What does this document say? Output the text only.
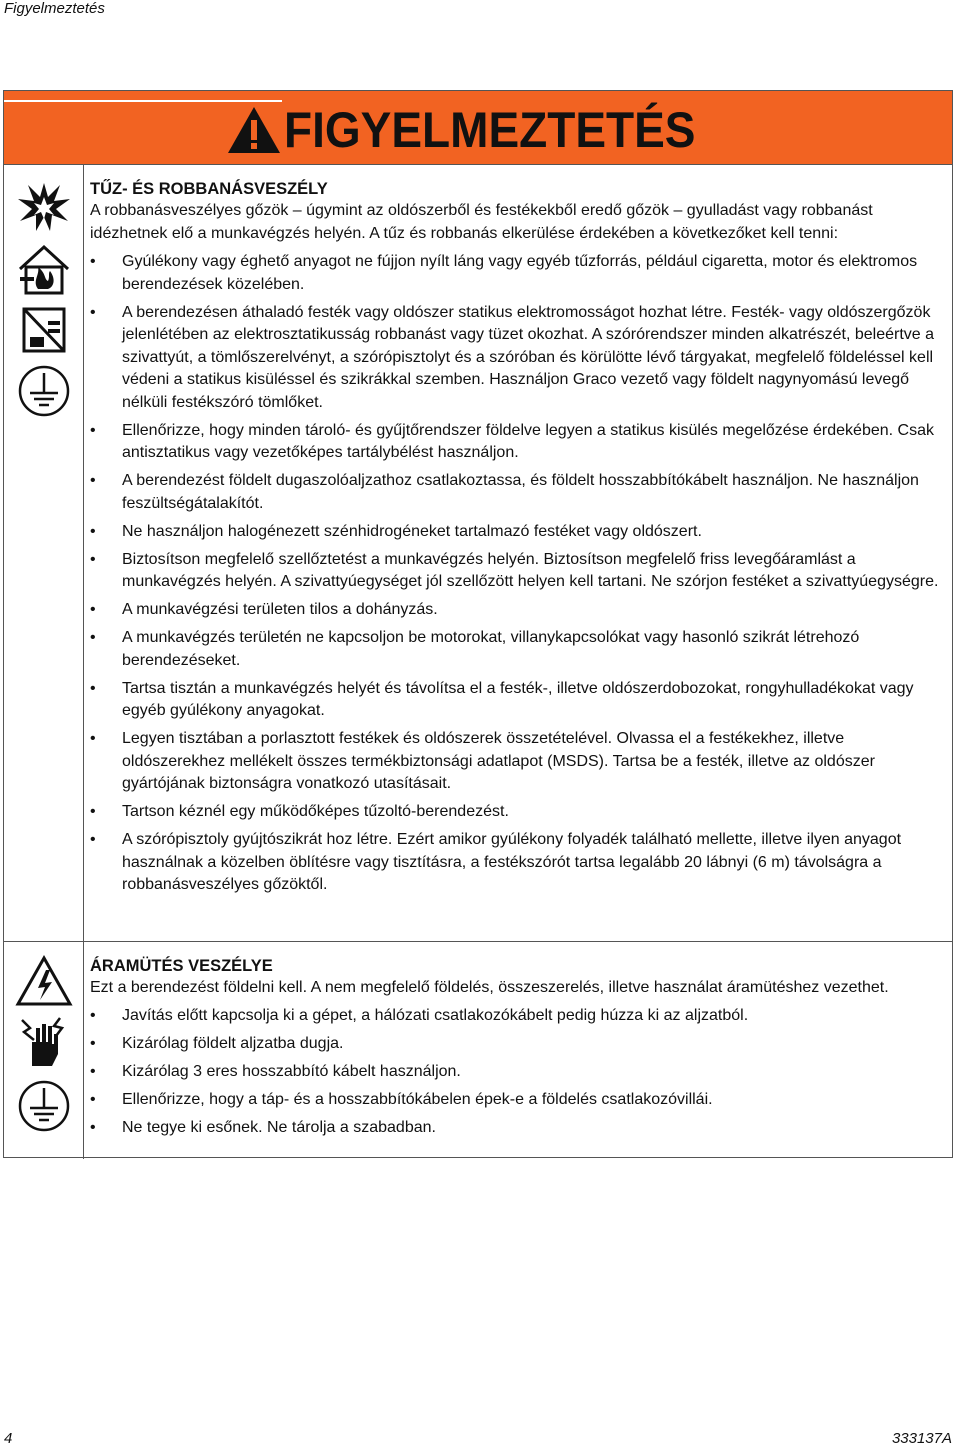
Figyelmeztetés
FIGYELMEZTETÉS
TŰZ- ÉS ROBBANÁSVESZÉLY
A robbanásveszélyes gőzök – úgymint az oldószerből és festékekből eredő gőzök – gyulladást vagy robbanást idézhetnek elő a munkavégzés helyén. A tűz és robbanás elkerülése érdekében a következőket kell tenni:
• Gyúlékony vagy éghető anyagot ne fújjon nyílt láng vagy egyéb tűzforrás, például cigaretta, motor és elektromos berendezések közelében.
• A berendezésen áthaladó festék vagy oldószer statikus elektromosságot hozhat létre. Festék- vagy oldószergőzök jelenlétében az elektrosztatikusság robbanást vagy tüzet okozhat. A szórórendszer minden alkatrészét, beleértve a szivattyút, a tömlőszerelvényt, a szórópisztolyt és a szóróban és körülötte lévő tárgyakat, megfelelő földeléssel kell védeni a statikus kisüléssel és szikrákkal szemben. Használjon Graco vezető vagy földelt nagynyomású levegő nélküli festékszóró tömlőket.
• Ellenőrizze, hogy minden tároló- és gyűjtőrendszer földelve legyen a statikus kisülés megelőzése érdekében. Csak antisztatikus vagy vezetőképes tartálybélést használjon.
• A berendezést földelt dugaszolóaljzathoz csatlakoztassa, és földelt hosszabbítókábelt használjon. Ne használjon feszültségátalakítót.
• Ne használjon halogénezett szénhidrogéneket tartalmazó festéket vagy oldószert.
• Biztosítson megfelelő szellőztetést a munkavégzés helyén. Biztosítson megfelelő friss levegőáramlást a munkavégzés helyén. A szivattyúegységet jól szellőzött helyen kell tartani. Ne szórjon festéket a szivattyúegységre.
• A munkavégzési területen tilos a dohányzás.
• A munkavégzés területén ne kapcsoljon be motorokat, villanykapcsolókat vagy hasonló szikrát létrehozó berendezéseket.
• Tartsa tisztán a munkavégzés helyét és távolítsa el a festék-, illetve oldószerdobozokat, rongyhulladékokat vagy egyéb gyúlékony anyagokat.
• Legyen tisztában a porlasztott festékek és oldószerek összetételével. Olvassa el a festékekhez, illetve oldószerekhez mellékelt összes termékbiztonsági adatlapot (MSDS). Tartsa be a festék, illetve az oldószer gyártójának biztonságra vonatkozó utasításait.
• Tartson kéznél egy működőképes tűzoltó-berendezést.
• A szórópisztoly gyújtószikrát hoz létre. Ezért amikor gyúlékony folyadék található mellette, illetve ilyen anyagot használnak a közelben öblítésre vagy tisztításra, a festékszórót tartsa legalább 20 lábnyi (6 m) távolságra a robbanásveszélyes gőzöktől.
ÁRAMÜTÉS VESZÉLYE
Ezt a berendezést földelni kell. A nem megfelelő földelés, összeszerelés, illetve használat áramütéshez vezethet.
• Javítás előtt kapcsolja ki a gépet, a hálózati csatlakozókábelt pedig húzza ki az aljzatból.
• Kizárólag földelt aljzatba dugja.
• Kizárólag 3 eres hosszabbító kábelt használjon.
• Ellenőrizze, hogy a táp- és a hosszabbítókábelen épek-e a földelés csatlakozóvillái.
• Ne tegye ki esőnek. Ne tárolja a szabadban.
4	333137A
